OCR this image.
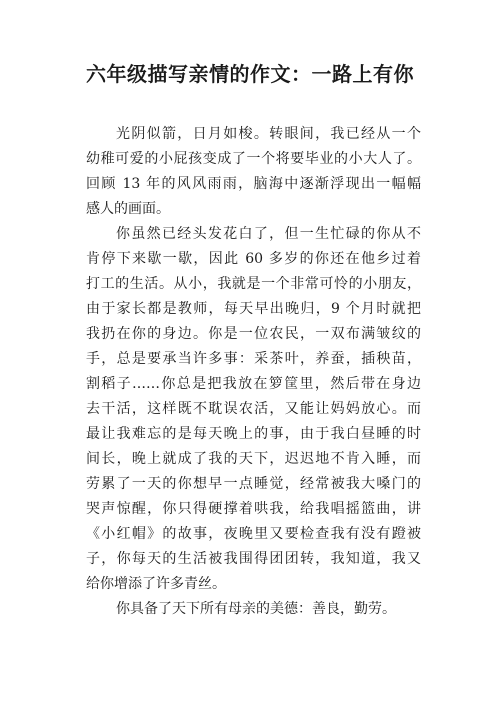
六年级描写亲情的作文：一路上有你

光阴似箭，日月如梭。转眼间，我已经从一个
幼稚可爱的小屁孩变成了一个将要毕业的小大人了。
回顾 13 年的风风雨雨，脑海中逐渐浮现出一幅幅
感人的画面。

你虽然已经头发花白了，但一生忙碌的你从不
肯停下来歇一歇，因此 60 多岁的你还在他乡过着
打工的生活。从小，我就是一个非常可怜的小朋友，
由于家长都是教师，每天早出晚归，9 个月时就把
我扔在你的身边。你是一位农民，一双布满皱纹的
手，总是要承当许多事：采茶叶，养蚕，插秧苗，
割稻子……你总是把我放在箩筐里，然后带在身边
去干活，这样既不耽误农活，又能让妈妈放心。而
最让我难忘的是每天晚上的事，由于我白昼睡的时
间长，晚上就成了我的天下，迟迟地不肯入睡，而
劳累了一天的你想早一点睡觉，经常被我大嗓门的
哭声惊醒，你只得硬撑着哄我，给我唱摇篮曲，讲
《小红帽》的故事，夜晚里又要检查我有没有蹬被
子，你每天的生活被我围得团团转，我知道，我又
给你增添了许多青丝。

你具备了天下所有母亲的美德：善良，勤劳。
